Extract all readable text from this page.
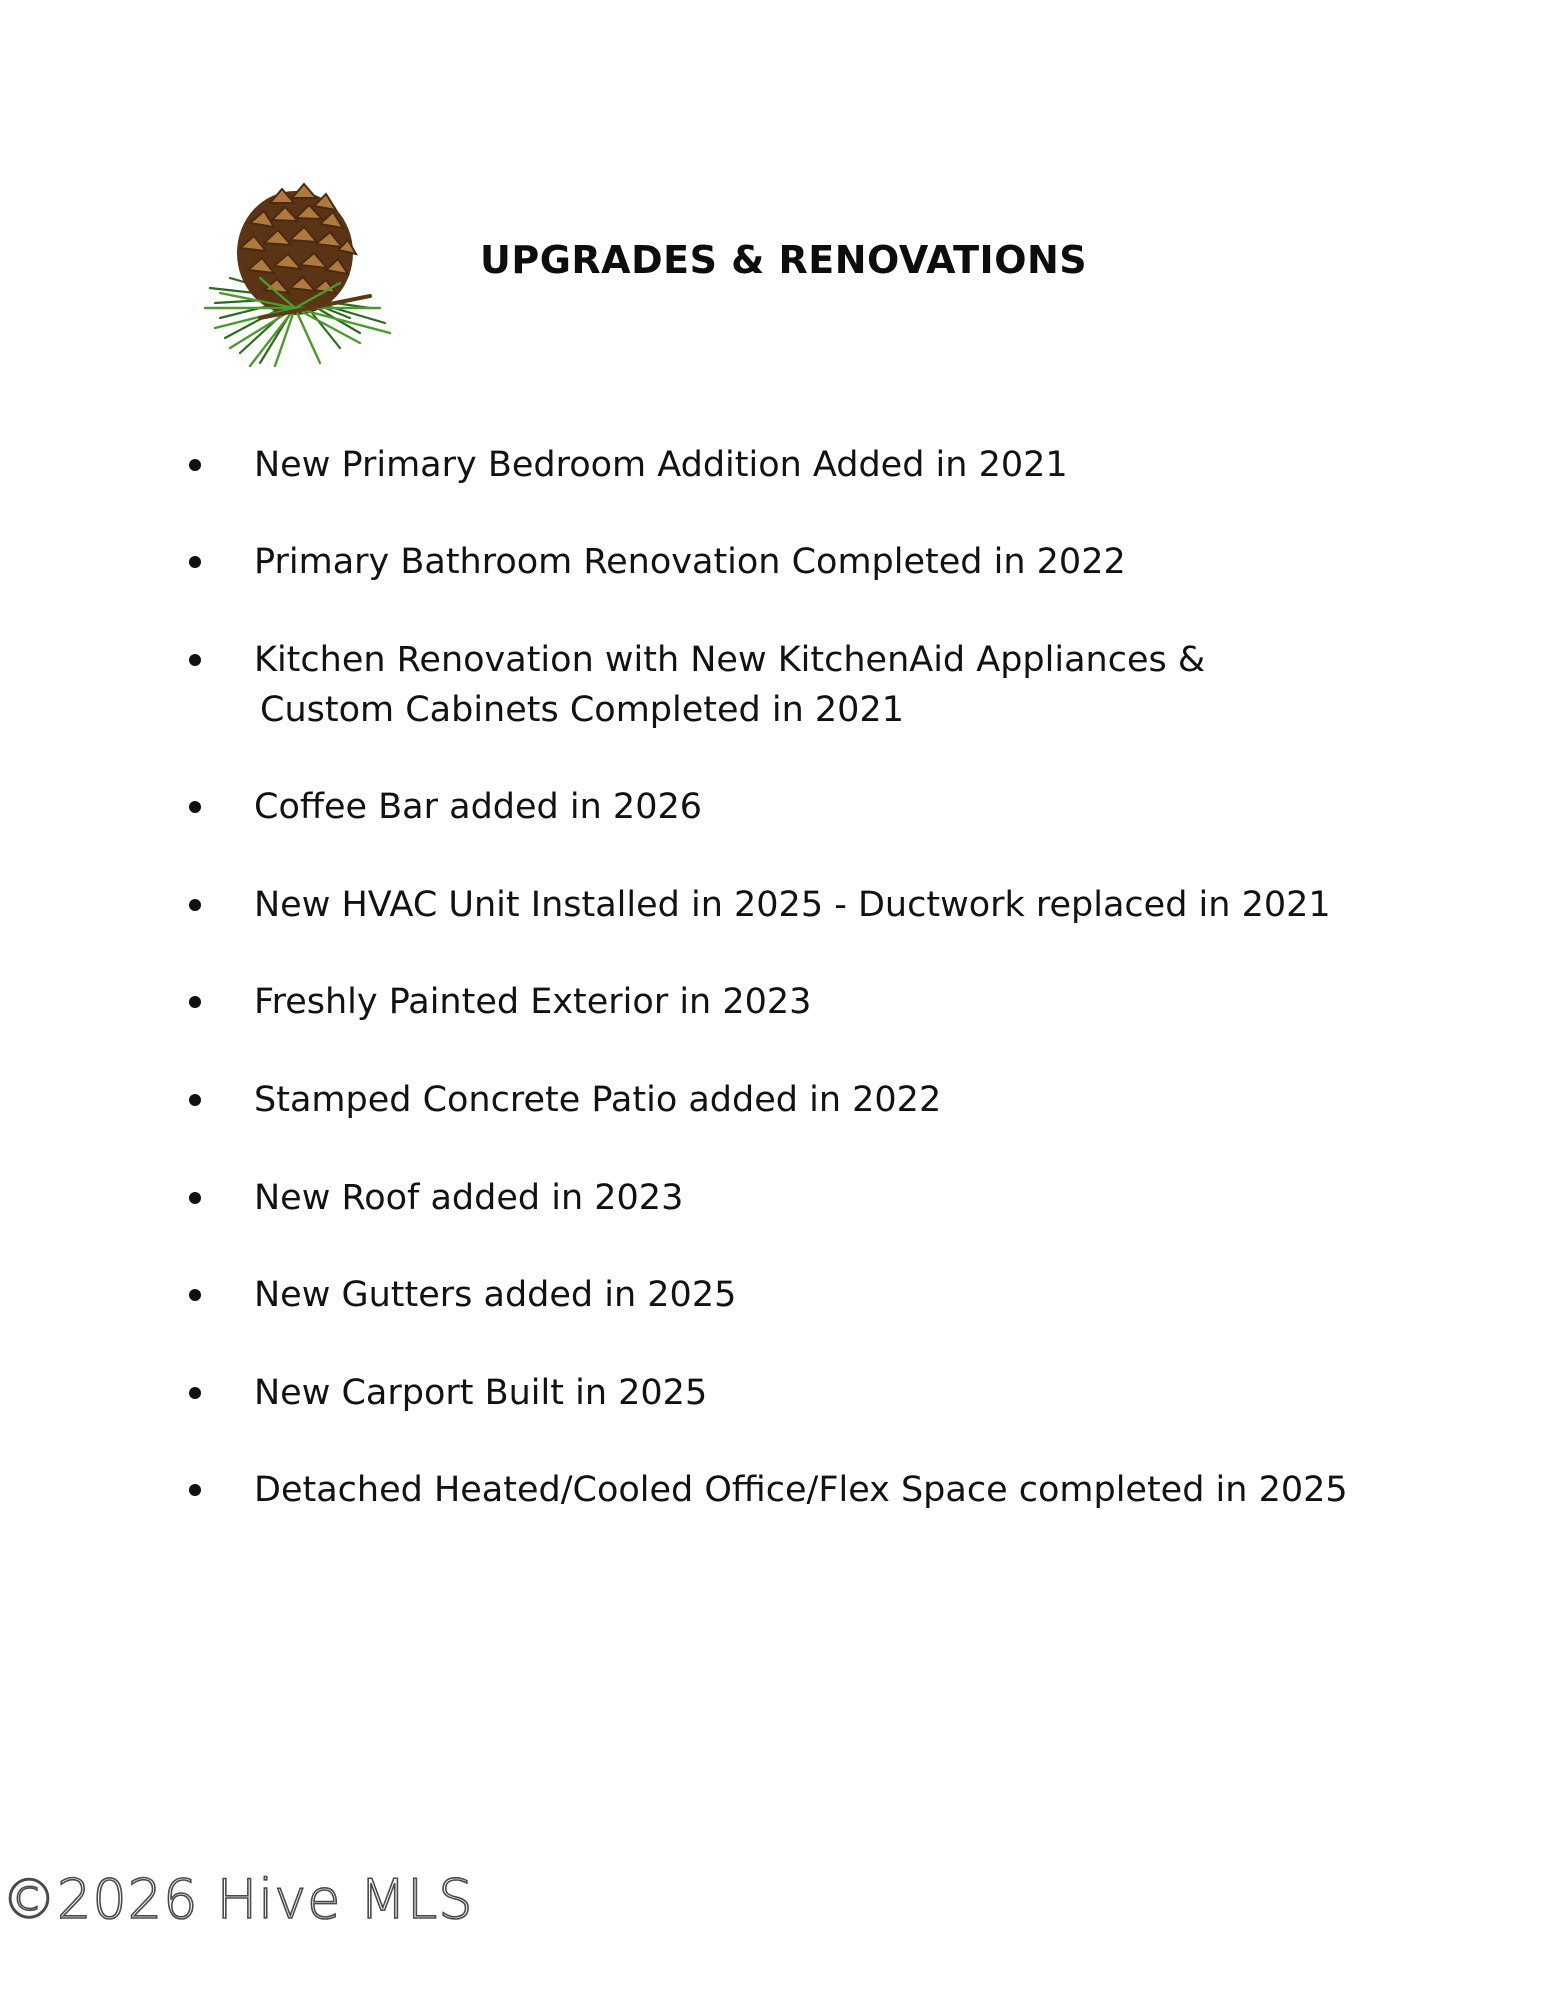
UPGRADES & RENOVATIONS
New Primary Bedroom Addition Added in 2021
Primary Bathroom Renovation Completed in 2022
Kitchen Renovation with New KitchenAid Appliances &
Custom Cabinets Completed in 2021
Coffee Bar added in 2026
New HVAC Unit Installed in 2025 - Ductwork replaced in 2021
Freshly Painted Exterior in 2023
Stamped Concrete Patio added in 2022
New Roof added in 2023
New Gutters added in 2025
New Carport Built in 2025
Detached Heated/Cooled Office/Flex Space completed in 2025
©2026 Hive MLS
